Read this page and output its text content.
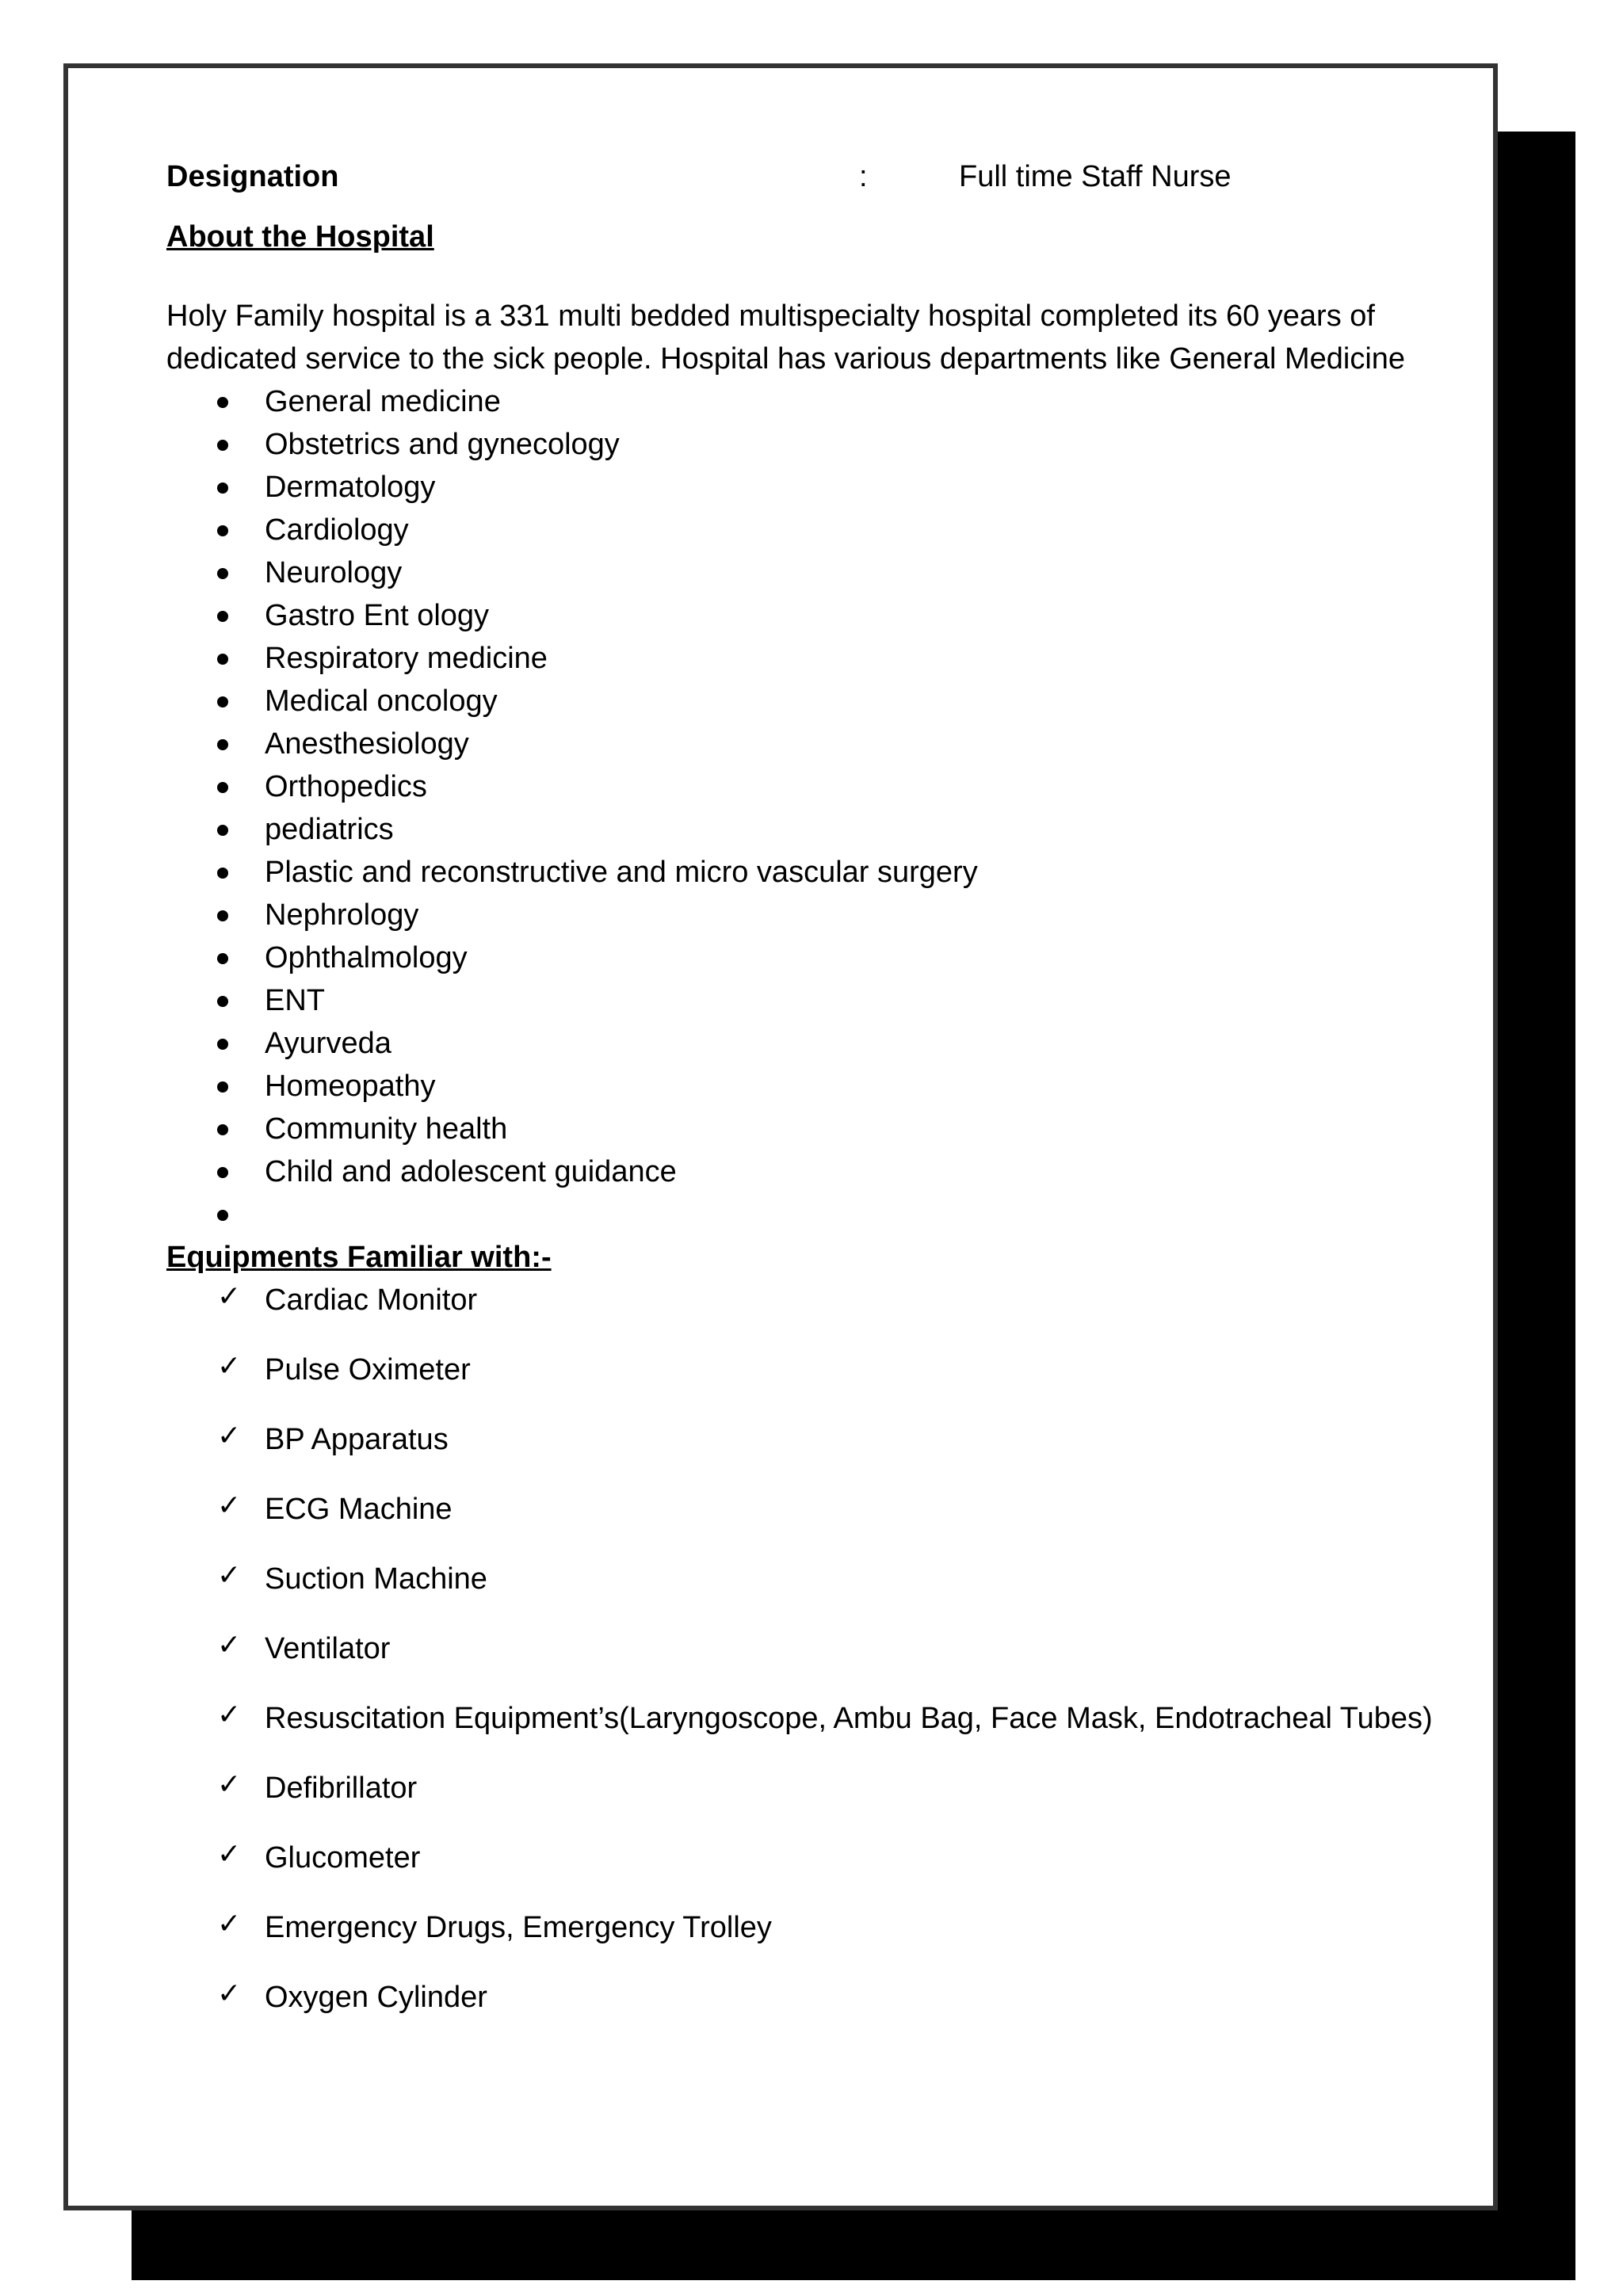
Designation	:	Full time Staff Nurse
About the Hospital
Holy Family hospital is a 331 multi bedded multispecialty hospital completed its 60 years of dedicated service to the sick people. Hospital has various departments like General Medicine
General medicine
Obstetrics and gynecology
Dermatology
Cardiology
Neurology
Gastro Ent ology
Respiratory medicine
Medical oncology
Anesthesiology
Orthopedics
pediatrics
Plastic and reconstructive and micro vascular surgery
Nephrology
Ophthalmology
ENT
Ayurveda
Homeopathy
Community health
Child and adolescent guidance
Equipments Familiar with:-
✓ Cardiac Monitor
✓ Pulse Oximeter
✓ BP Apparatus
✓ ECG Machine
✓ Suction Machine
✓ Ventilator
✓ Resuscitation Equipment’s(Laryngoscope, Ambu Bag, Face Mask, Endotracheal Tubes)
✓ Defibrillator
✓ Glucometer
✓ Emergency Drugs, Emergency Trolley
✓ Oxygen Cylinder
